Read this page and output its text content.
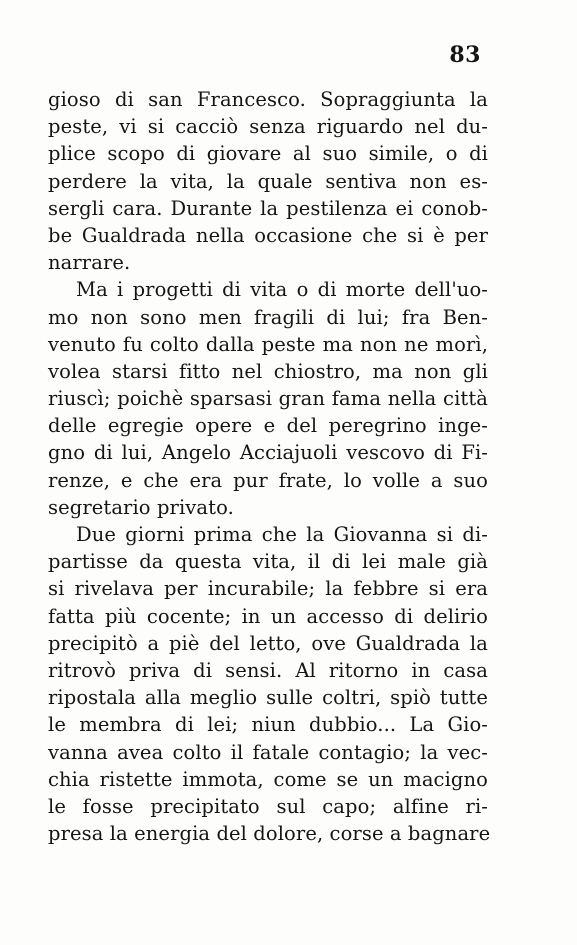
83
gioso di san Francesco. Sopraggiunta la
peste, vi si cacciò senza riguardo nel du-
plice scopo di giovare al suo simile, o di
perdere la vita, la quale sentiva non es-
sergli cara. Durante la pestilenza ei conob-
be Gualdrada nella occasione che si è per
narrare.
Ma i progetti di vita o di morte dell'uo-
mo non sono men fragili di lui; fra Ben-
venuto fu colto dalla peste ma non ne morì,
volea starsi fitto nel chiostro, ma non gli
riuscì; poichè sparsasi gran fama nella città
delle egregie opere e del peregrino inge-
gno di lui, Angelo Acciajuoli vescovo di Fi-
renze, e che era pur frate, lo volle a suo
segretario privato.
Due giorni prima che la Giovanna si di-
partisse da questa vita, il di lei male già
si rivelava per incurabile; la febbre si era
fatta più cocente; in un accesso di delirio
precipitò a piè del letto, ove Gualdrada la
ritrovò priva di sensi. Al ritorno in casa
ripostala alla meglio sulle coltri, spiò tutte
le membra di lei; niun dubbio... La Gio-
vanna avea colto il fatale contagio; la vec-
chia ristette immota, come se un macigno
le fosse precipitato sul capo; alfine ri-
presa la energia del dolore, corse a bagnare
